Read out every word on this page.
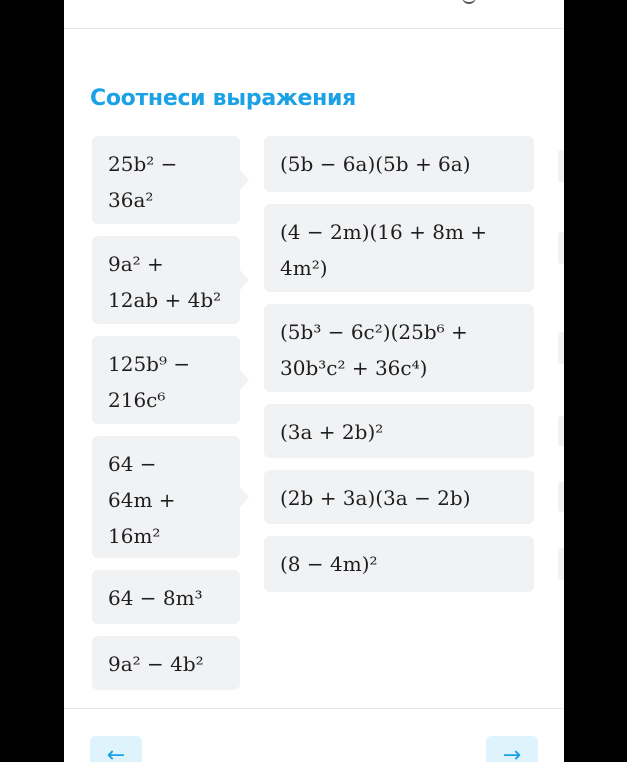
Соотнеси выражения
25b² −
36a²
9a² +
12ab + 4b²
125b⁹ −
216c⁶
64 −
64m +
16m²
64 − 8m³
9a² − 4b²
(5b − 6a)(5b + 6a)
(4 − 2m)(16 + 8m +
4m²)
(5b³ − 6c²)(25b⁶ +
30b³c² + 36c⁴)
(3a + 2b)²
(2b + 3a)(3a − 2b)
(8 − 4m)²
←	→
